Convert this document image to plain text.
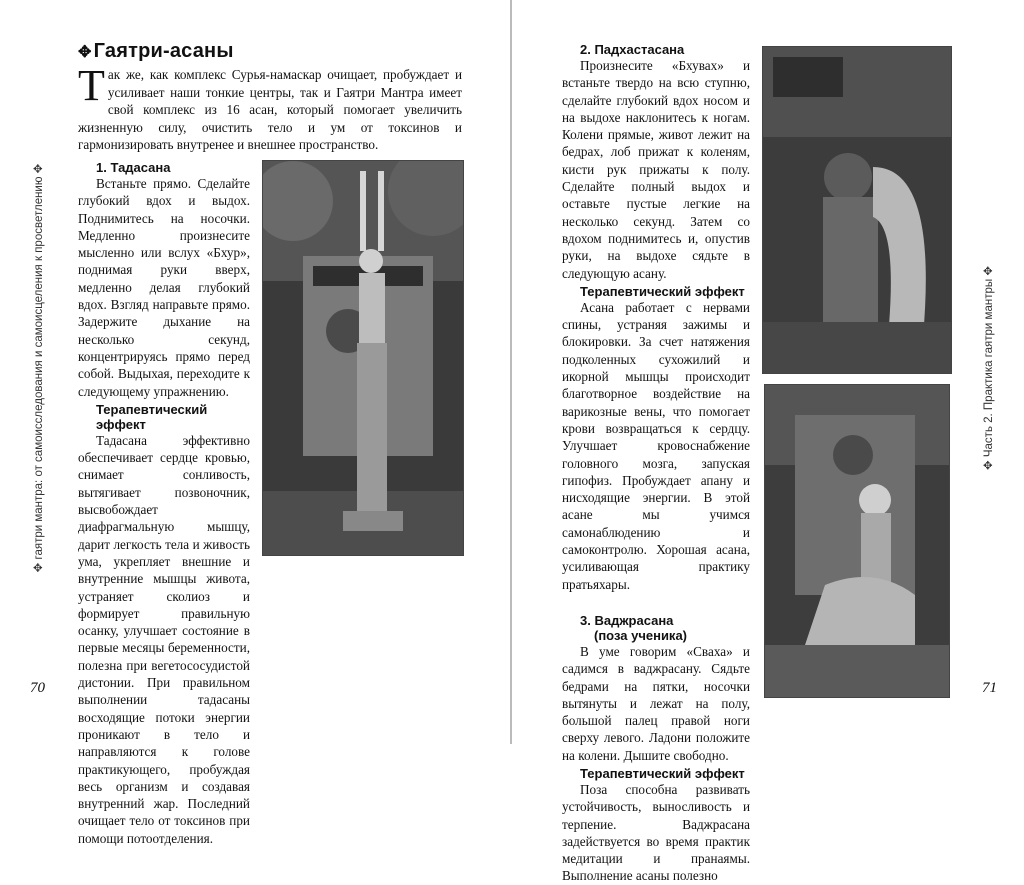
✥ гаятри мантра: от самоисследования и самоисцеления к просветлению ✥
✥ Гаятри-асаны

Так же, как комплекс Сурья-намаскар очищает, пробуждает и усиливает наши тонкие центры, так и Гаятри Мантра имеет свой комплекс из 16 асан, который помогает увеличить жизненную силу, очистить тело и ум от токсинов и гармонизировать внутренее и внешнее пространство.

1. Тадасана

Встаньте прямо. Сделайте глубокий вдох и выдох. Поднимитесь на носочки. Медленно произнесите мысленно или вслух «Бхур», поднимая руки вверх, медленно делая глубокий вдох. Взгляд направьте прямо. Задержите дыхание на несколько секунд, концентрируясь прямо перед собой. Выдыхая, переходите к следующему упражнению.

Терапевтический эффект

Тадасана эффективно обеспечивает сердце кровью, снимает сонливость, вытягивает позвоночник, высвобождает диафрагмальную мышцу, дарит легкость тела и живость ума, укрепляет внешние и внутренние мышцы живота, устраняет сколиоз и формирует правильную осанку, улучшает состояние в первые месяцы беременности, полезна при вегетососудистой дистонии. При правильном выполнении тадасаны восходящие потоки энергии проникают в тело и направляются к голове практикующего, пробуждая весь организм и создавая внутренний жар. Последний очищает тело от токсинов при помощи потоотделения.

70

2. Падхастасана

Произнесите «Бхувах» и встаньте твердо на всю ступню, сделайте глубокий вдох носом и на выдохе наклонитесь к ногам. Колени прямые, живот лежит на бедрах, лоб прижат к коленям, кисти рук прижаты к полу. Сделайте полный выдох и оставьте пустые легкие на несколько секунд. Затем со вдохом поднимитесь и, опустив руки, на выдохе сядьте в следующую асану.

Терапевтический эффект

Асана работает с нервами спины, устраняя зажимы и блокировки. За счет натяжения подколенных сухожилий и икорной мышцы происходит благотворное воздействие на варикозные вены, что помогает крови возвращаться к сердцу. Улучшает кровоснабжение головного мозга, запуская гипофиз. Пробуждает апану и нисходящие энергии. В этой асане мы учимся самонаблюдению и самоконтролю. Хорошая асана, усиливающая практику пратьяхары.

3. Ваджрасана

(поза ученика)

В уме говорим «Сваха» и садимся в ваджрасану. Сядьте бедрами на пятки, носочки вытянуты и лежат на полу, большой палец правой ноги сверху левого. Ладони положите на колени. Дышите свободно.

Терапевтический эффект

Поза способна развивать устойчивость, выносливость и терпение. Ваджрасана задействуется во время практик медитации и пранаямы. Выполнение асаны полезно

✥ Часть 2. Практика гаятри мантры ✥
71
